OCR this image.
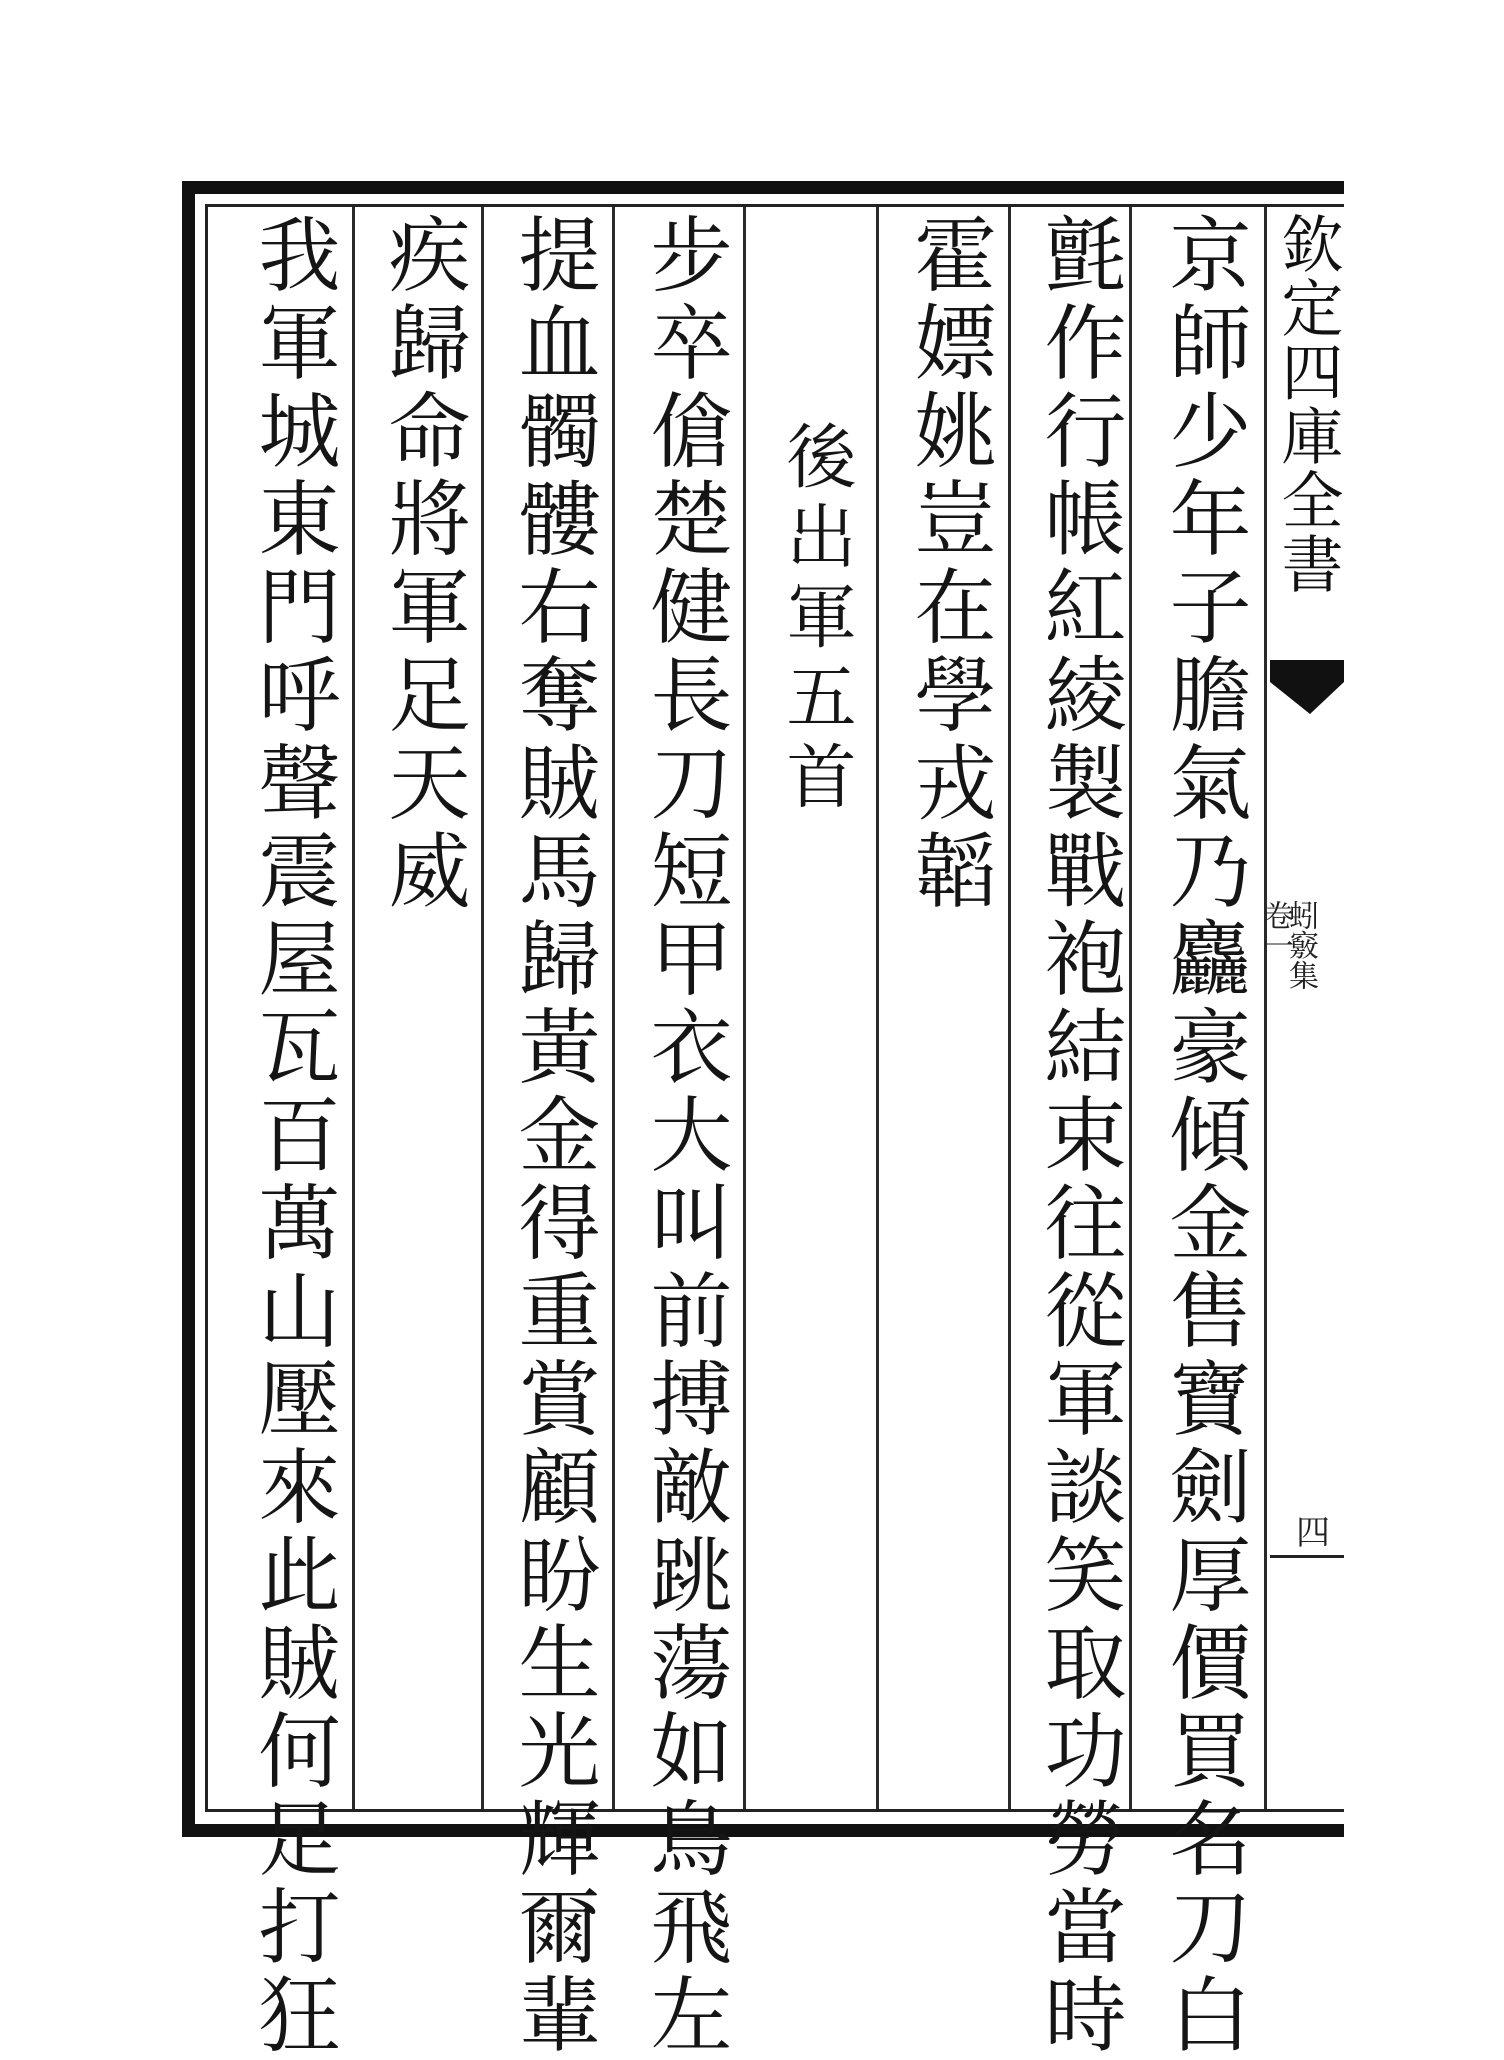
京師少年子膽氣乃麤豪傾金售寶劍厚價買名刀白
氈作行帳紅綾製戰袍結束往從軍談笑取功勞當時
霍嫖姚豈在學戎韜
後出軍五首
步卒傖楚健長刀短甲衣大叫前搏敵跳蕩如鳥飛左
提血髑髏右奪賊馬歸黃金得重賞顧盼生光輝爾輩
疾歸命將軍足天威
我軍城東門呼聲震屋瓦百萬山壓來此賊何足打狂	欽定四庫全書
蚓竅集
卷一
四
